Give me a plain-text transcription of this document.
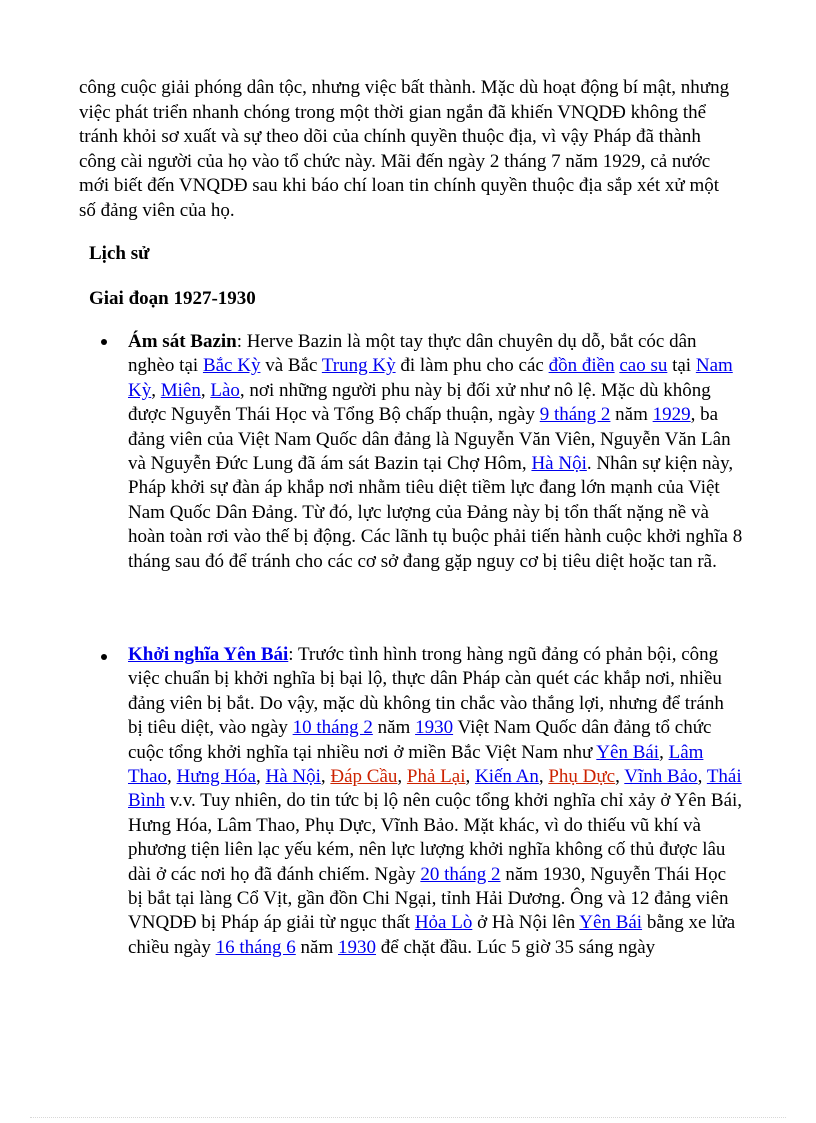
công cuộc giải phóng dân tộc, nhưng việc bất thành. Mặc dù hoạt động bí mật, nhưng việc phát triển nhanh chóng trong một thời gian ngắn đã khiến VNQDĐ không thể tránh khỏi sơ xuất và sự theo dõi của chính quyền thuộc địa, vì vậy Pháp đã thành công cài người của họ vào tổ chức này. Mãi đến ngày 2 tháng 7 năm 1929, cả nước mới biết đến VNQDĐ sau khi báo chí loan tin chính quyền thuộc địa sắp xét xử một số đảng viên của họ.

Lịch sử

Giai đoạn 1927-1930

Ám sát Bazin: Herve Bazin là một tay thực dân chuyên dụ dỗ, bắt cóc dân nghèo tại Bắc Kỳ và Bắc Trung Kỳ đi làm phu cho các đồn điền cao su tại Nam Kỳ, Miên, Lào, nơi những người phu này bị đối xử như nô lệ. Mặc dù không được Nguyễn Thái Học và Tổng Bộ chấp thuận, ngày 9 tháng 2 năm 1929, ba đảng viên của Việt Nam Quốc dân đảng là Nguyễn Văn Viên, Nguyễn Văn Lân và Nguyễn Đức Lung đã ám sát Bazin tại Chợ Hôm, Hà Nội. Nhân sự kiện này, Pháp khởi sự đàn áp khắp nơi nhằm tiêu diệt tiềm lực đang lớn mạnh của Việt Nam Quốc Dân Đảng. Từ đó, lực lượng của Đảng này bị tổn thất nặng nề và hoàn toàn rơi vào thế bị động. Các lãnh tụ buộc phải tiến hành cuộc khởi nghĩa 8 tháng sau đó để tránh cho các cơ sở đang gặp nguy cơ bị tiêu diệt hoặc tan rã.

Khởi nghĩa Yên Bái: Trước tình hình trong hàng ngũ đảng có phản bội, công việc chuẩn bị khởi nghĩa bị bại lộ, thực dân Pháp càn quét các khắp nơi, nhiều đảng viên bị bắt. Do vậy, mặc dù không tin chắc vào thắng lợi, nhưng để tránh bị tiêu diệt, vào ngày 10 tháng 2 năm 1930 Việt Nam Quốc dân đảng tổ chức cuộc tổng khởi nghĩa tại nhiều nơi ở miền Bắc Việt Nam như Yên Bái, Lâm Thao, Hưng Hóa, Hà Nội, Đáp Cầu, Phả Lại, Kiến An, Phụ Dực, Vĩnh Bảo, Thái Bình v.v. Tuy nhiên, do tin tức bị lộ nên cuộc tổng khởi nghĩa chỉ xảy ở Yên Bái, Hưng Hóa, Lâm Thao, Phụ Dực, Vĩnh Bảo. Mặt khác, vì do thiếu vũ khí và phương tiện liên lạc yếu kém, nên lực lượng khởi nghĩa không cố thủ được lâu dài ở các nơi họ đã đánh chiếm. Ngày 20 tháng 2 năm 1930, Nguyễn Thái Học bị bắt tại làng Cổ Vịt, gần đồn Chi Ngại, tỉnh Hải Dương. Ông và 12 đảng viên VNQDĐ bị Pháp áp giải từ ngục thất Hỏa Lò ở Hà Nội lên Yên Bái bằng xe lửa chiều ngày 16 tháng 6 năm 1930 để chặt đầu. Lúc 5 giờ 35 sáng ngày
